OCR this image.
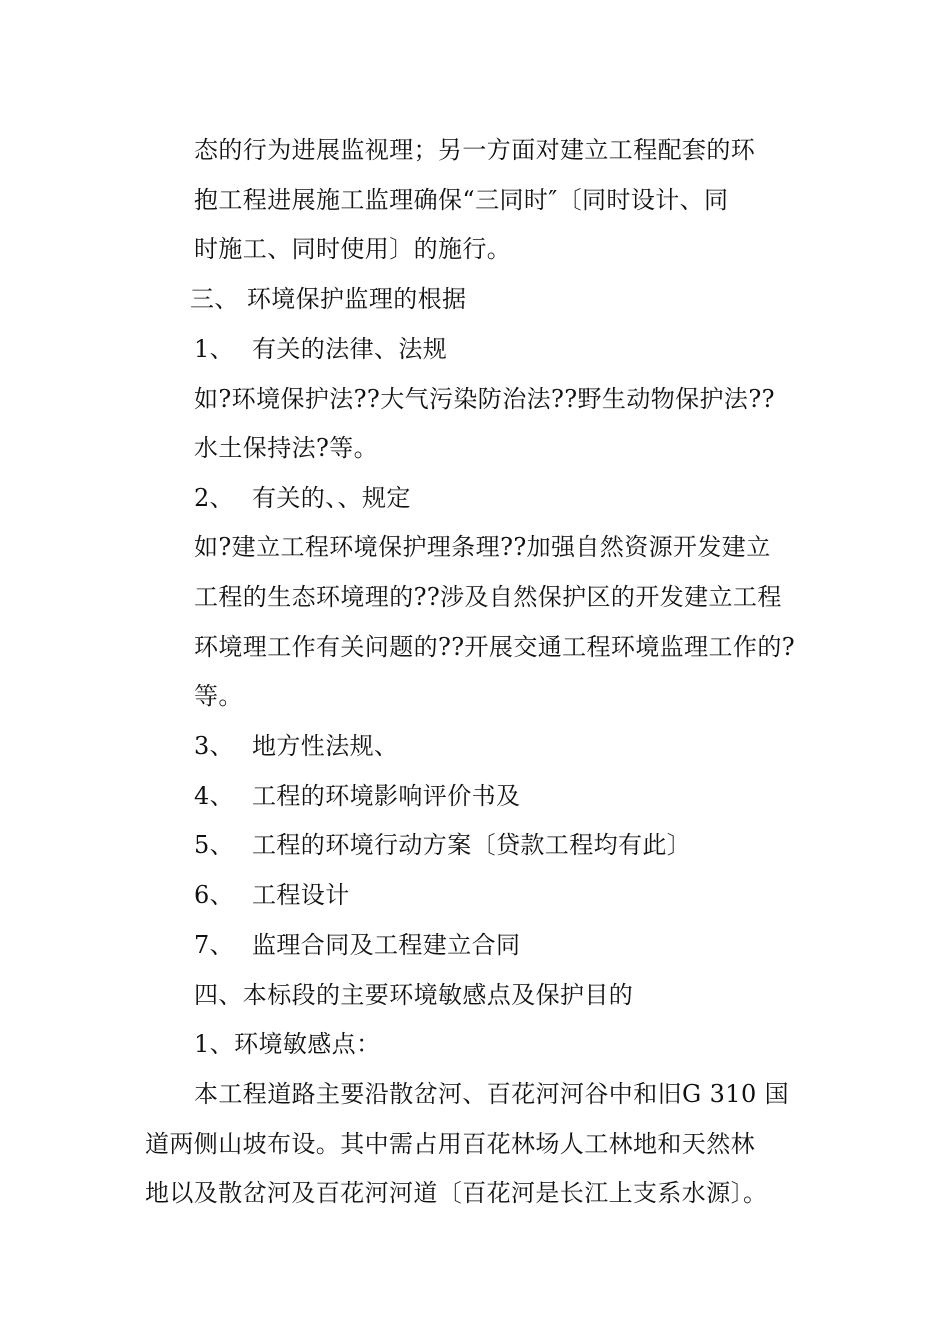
态的行为进展监视理；另一方面对建立工程配套的环
抱工程进展施工监理确保“三同时″〔同时设计、同
时施工、同时使用〕的施行。
三、 环境保护监理的根据
1、 有关的法律、法规
如?环境保护法??大气污染防治法??野生动物保护法??
水土保持法?等。
2、 有关的、、规定
如?建立工程环境保护理条理??加强自然资源开发建立
工程的生态环境理的??涉及自然保护区的开发建立工程
环境理工作有关问题的??开展交通工程环境监理工作的?
等。
3、 地方性法规、
4、 工程的环境影响评价书及
5、 工程的环境行动方案〔贷款工程均有此〕
6、 工程设计
7、 监理合同及工程建立合同
四、本标段的主要环境敏感点及保护目的
1、环境敏感点：
本工程道路主要沿散岔河、百花河河谷中和旧G 310 国
道两侧山坡布设。其中需占用百花林场人工林地和天然林
地以及散岔河及百花河河道〔百花河是长江上支系水源〕。
